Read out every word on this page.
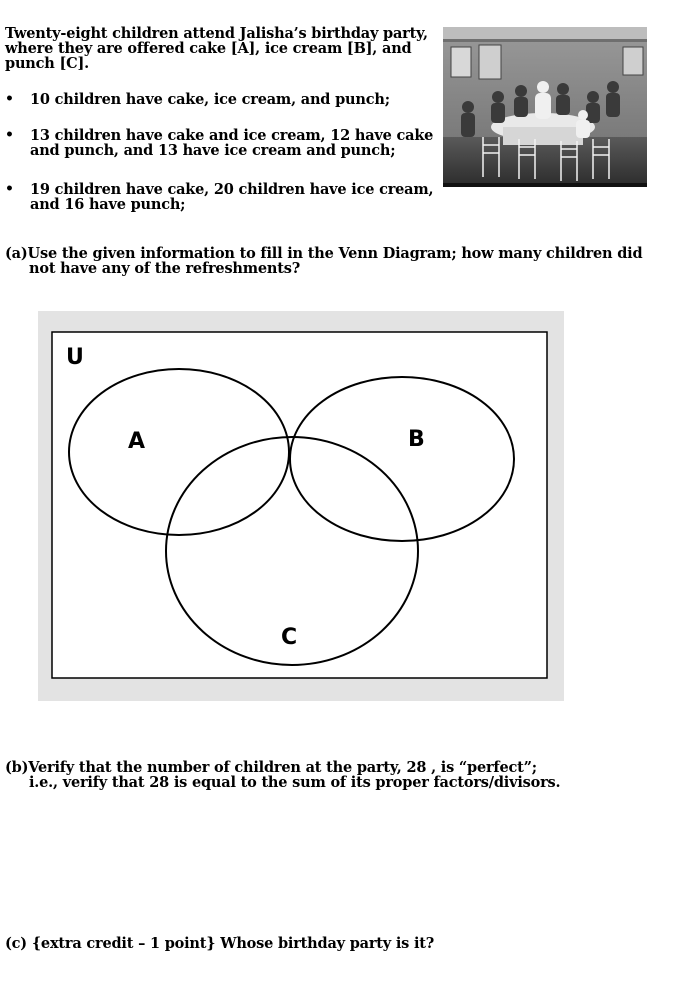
Twenty-eight children attend Jalisha’s birthday party,
where they are offered cake [A], ice cream [B], and
punch [C].
• 10 children have cake, ice cream, and punch;
• 13 children have cake and ice cream, 12 have cake
and punch, and 13 have ice cream and punch;
• 19 children have cake, 20 children have ice cream,
and 16 have punch;
(a)Use the given information to fill in the Venn Diagram; how many children did
not have any of the refreshments?
U
A	B
C
(b)Verify that the number of children at the party, 28 , is “perfect”;
i.e., verify that 28 is equal to the sum of its proper factors/divisors.
(c) {extra credit – 1 point} Whose birthday party is it?
